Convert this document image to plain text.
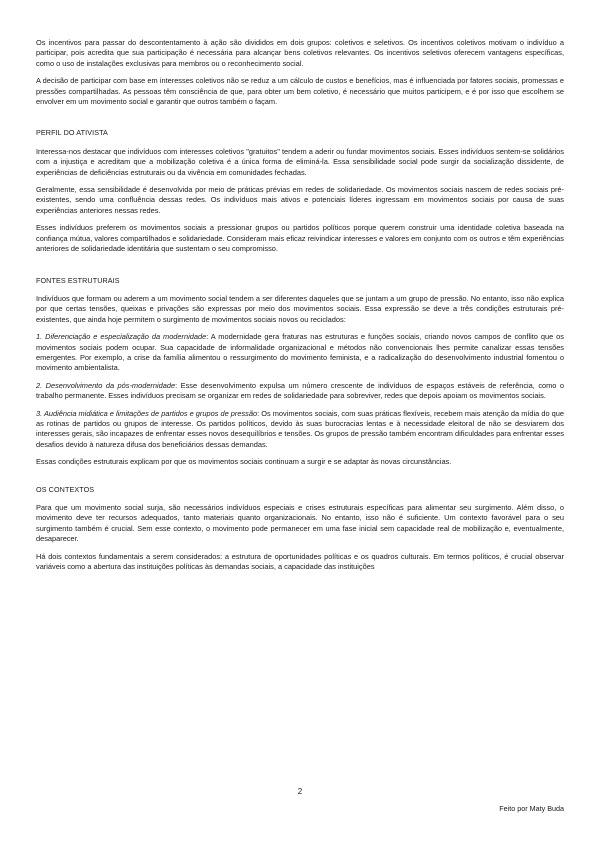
Os incentivos para passar do descontentamento à ação são divididos em dois grupos: coletivos e seletivos. Os incentivos coletivos motivam o indivíduo a participar, pois acredita que sua participação é necessária para alcançar bens coletivos relevantes. Os incentivos seletivos oferecem vantagens específicas, como o uso de instalações exclusivas para membros ou o reconhecimento social.

A decisão de participar com base em interesses coletivos não se reduz a um cálculo de custos e benefícios, mas é influenciada por fatores sociais, promessas e pressões compartilhadas. As pessoas têm consciência de que, para obter um bem coletivo, é necessário que muitos participem, e é por isso que escolhem se envolver em um movimento social e garantir que outros também o façam.

PERFIL DO ATIVISTA

Interessa-nos destacar que indivíduos com interesses coletivos "gratuitos" tendem a aderir ou fundar movimentos sociais. Esses indivíduos sentem-se solidários com a injustiça e acreditam que a mobilização coletiva é a única forma de eliminá-la. Essa sensibilidade social pode surgir da socialização dissidente, de experiências de deficiências estruturais ou da vivência em comunidades fechadas.

Geralmente, essa sensibilidade é desenvolvida por meio de práticas prévias em redes de solidariedade. Os movimentos sociais nascem de redes sociais pré-existentes, sendo uma confluência dessas redes. Os indivíduos mais ativos e potenciais líderes ingressam em movimentos sociais por causa de suas experiências anteriores nessas redes.

Esses indivíduos preferem os movimentos sociais a pressionar grupos ou partidos políticos porque querem construir uma identidade coletiva baseada na confiança mútua, valores compartilhados e solidariedade. Consideram mais eficaz reivindicar interesses e valores em conjunto com os outros e têm experiências anteriores de solidariedade identitária que sustentam o seu compromisso.

FONTES ESTRUTURAIS

Indivíduos que formam ou aderem a um movimento social tendem a ser diferentes daqueles que se juntam a um grupo de pressão. No entanto, isso não explica por que certas tensões, queixas e privações são expressas por meio dos movimentos sociais. Essa expressão se deve a três condições estruturais pré-existentes, que ainda hoje permitem o surgimento de movimentos sociais novos ou reciclados:

1. Diferenciação e especialização da modernidade: A modernidade gera fraturas nas estruturas e funções sociais, criando novos campos de conflito que os movimentos sociais podem ocupar. Sua capacidade de informalidade organizacional e métodos não convencionais lhes permite canalizar essas tensões emergentes. Por exemplo, a crise da família alimentou o ressurgimento do movimento feminista, e a radicalização do desenvolvimento industrial fomentou o movimento ambientalista.

2. Desenvolvimento da pós-modernidade: Esse desenvolvimento expulsa um número crescente de indivíduos de espaços estáveis de referência, como o trabalho permanente. Esses indivíduos precisam se organizar em redes de solidariedade para sobreviver, redes que depois apoiam os movimentos sociais.

3. Audiência midiática e limitações de partidos e grupos de pressão: Os movimentos sociais, com suas práticas flexíveis, recebem mais atenção da mídia do que as rotinas de partidos ou grupos de interesse. Os partidos políticos, devido às suas burocracias lentas e à necessidade eleitoral de não se desviarem dos interesses gerais, são incapazes de enfrentar esses novos desequilíbrios e tensões. Os grupos de pressão também encontram dificuldades para enfrentar esses desafios devido à natureza difusa dos beneficiários dessas demandas.

Essas condições estruturais explicam por que os movimentos sociais continuam a surgir e se adaptar às novas circunstâncias.

OS CONTEXTOS

Para que um movimento social surja, são necessários indivíduos especiais e crises estruturais específicas para alimentar seu surgimento. Além disso, o movimento deve ter recursos adequados, tanto materiais quanto organizacionais. No entanto, isso não é suficiente. Um contexto favorável para o seu surgimento também é crucial. Sem esse contexto, o movimento pode permanecer em uma fase inicial sem capacidade real de mobilização e, eventualmente, desaparecer.

Há dois contextos fundamentais a serem considerados: a estrutura de oportunidades políticas e os quadros culturais. Em termos políticos, é crucial observar variáveis como a abertura das instituições políticas às demandas sociais, a capacidade das instituições

2
Feito por Maty Buda
